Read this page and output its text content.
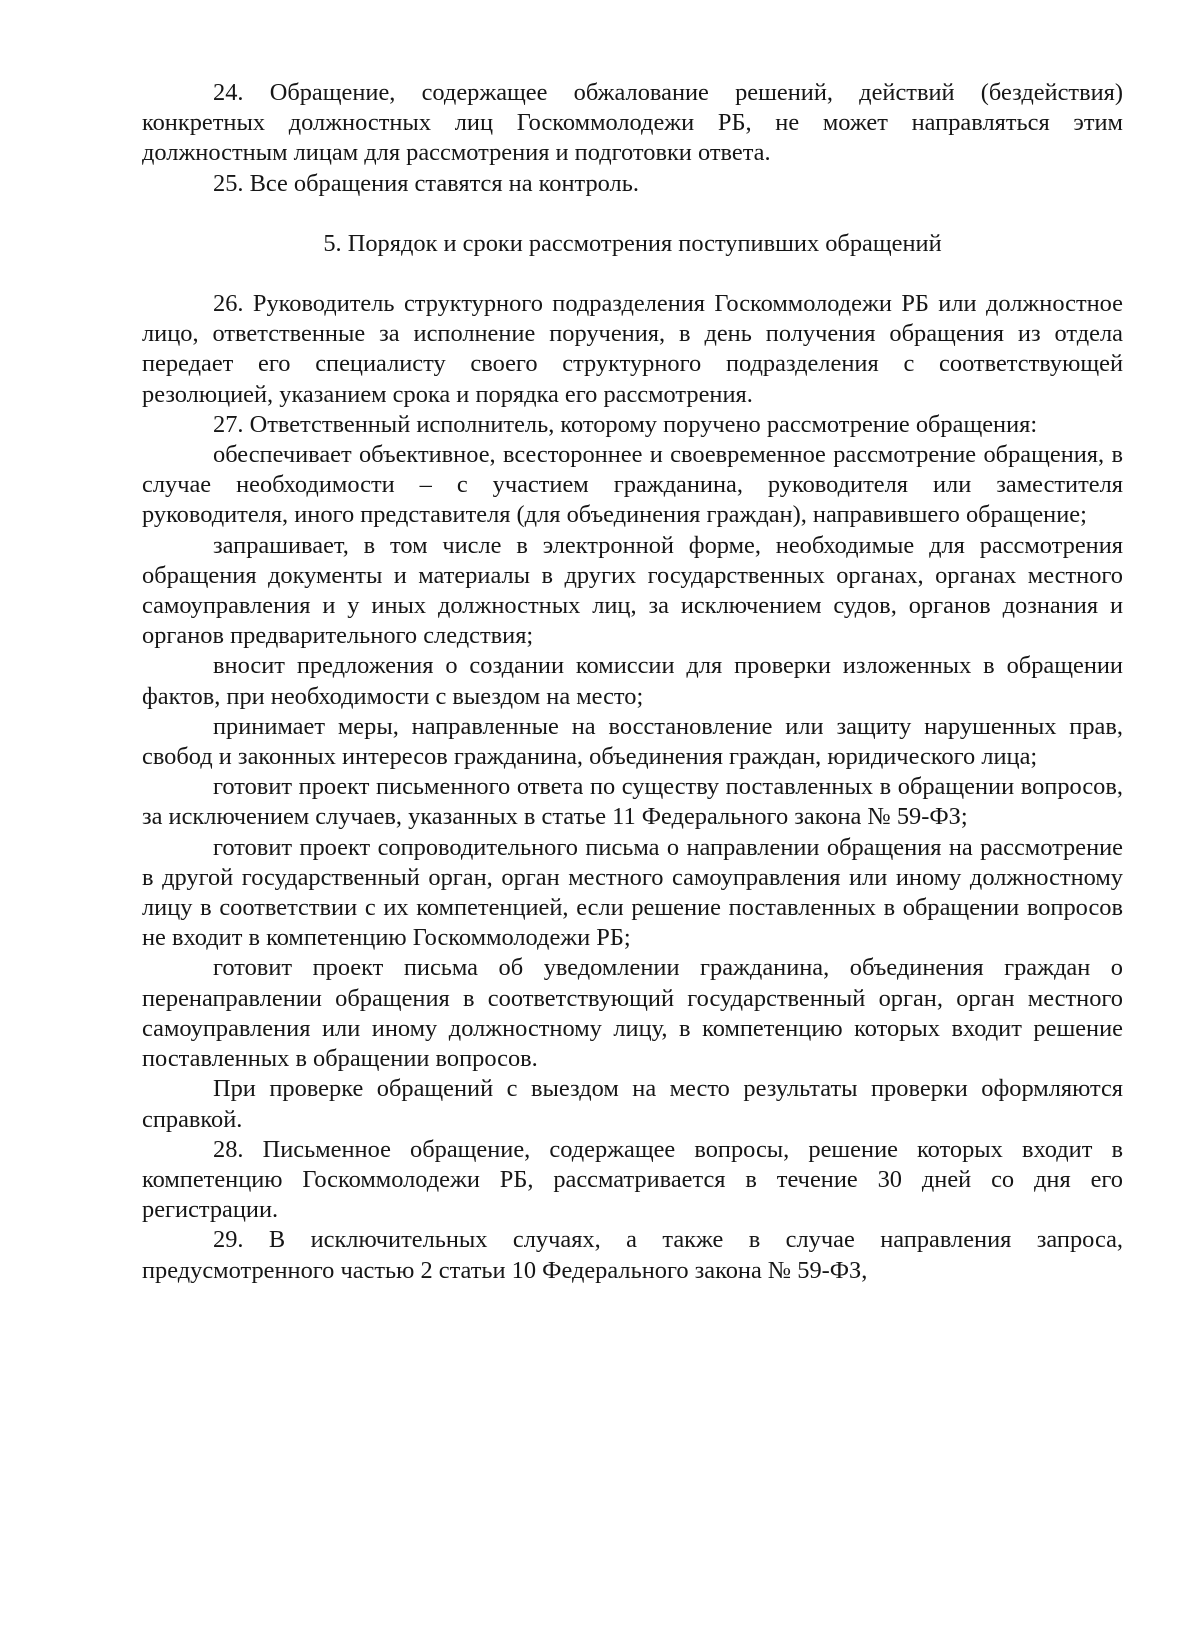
24. Обращение, содержащее обжалование решений, действий (бездействия) конкретных должностных лиц Госкоммолодежи РБ, не может направляться этим должностным лицам для рассмотрения и подготовки ответа.

25. Все обращения ставятся на контроль.

5. Порядок и сроки рассмотрения поступивших обращений

26. Руководитель структурного подразделения Госкоммолодежи РБ или должностное лицо, ответственные за исполнение поручения, в день получения обращения из отдела передает его специалисту своего структурного подразделения с соответствующей резолюцией, указанием срока и порядка его рассмотрения.

27. Ответственный исполнитель, которому поручено рассмотрение обращения:

обеспечивает объективное, всестороннее и своевременное рассмотрение обращения, в случае необходимости – с участием гражданина, руководителя или заместителя руководителя, иного представителя (для объединения граждан), направившего обращение;

запрашивает, в том числе в электронной форме, необходимые для рассмотрения обращения документы и материалы в других государственных органах, органах местного самоуправления и у иных должностных лиц, за исключением судов, органов дознания и органов предварительного следствия;

вносит предложения о создании комиссии для проверки изложенных в обращении фактов, при необходимости с выездом на место;

принимает меры, направленные на восстановление или защиту нарушенных прав, свобод и законных интересов гражданина, объединения граждан, юридического лица;

готовит проект письменного ответа по существу поставленных в обращении вопросов, за исключением случаев, указанных в статье 11 Федерального закона № 59-ФЗ;

готовит проект сопроводительного письма о направлении обращения на рассмотрение в другой государственный орган, орган местного самоуправления или иному должностному лицу в соответствии с их компетенцией, если решение поставленных в обращении вопросов не входит в компетенцию Госкоммолодежи РБ;

готовит проект письма об уведомлении гражданина, объединения граждан о перенаправлении обращения в соответствующий государственный орган, орган местного самоуправления или иному должностному лицу, в компетенцию которых входит решение поставленных в обращении вопросов.

При проверке обращений с выездом на место результаты проверки оформляются справкой.

28. Письменное обращение, содержащее вопросы, решение которых входит в компетенцию Госкоммолодежи РБ, рассматривается в течение 30 дней со дня его регистрации.

29. В исключительных случаях, а также в случае направления запроса, предусмотренного частью 2 статьи 10 Федерального закона № 59-ФЗ,
